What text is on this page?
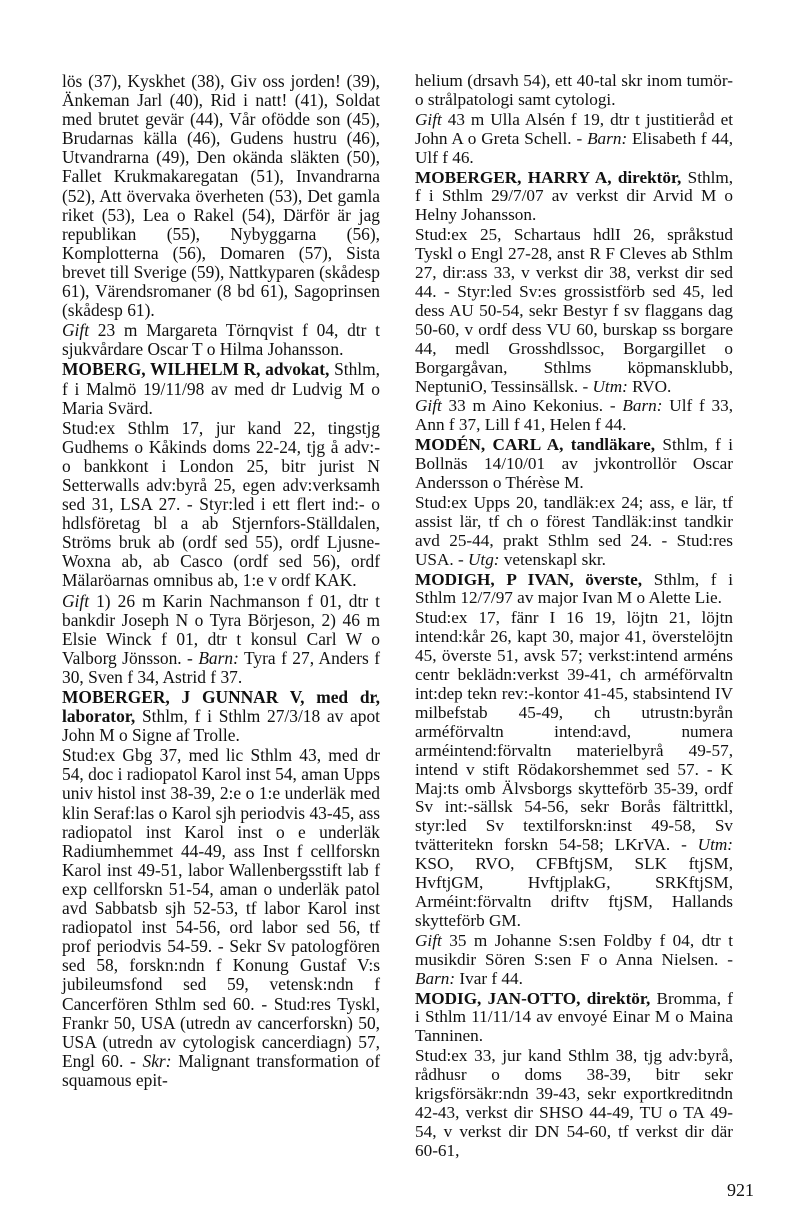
lös (37), Kyskhet (38), Giv oss jorden! (39), Änkeman Jarl (40), Rid i natt! (41), Soldat med brutet gevär (44), Vår ofödde son (45), Brudarnas källa (46), Gudens hustru (46), Utvandrarna (49), Den okända släkten (50), Fallet Krukmakaregatan (51), Invandrarna (52), Att övervaka överheten (53), Det gamla riket (53), Lea o Rakel (54), Därför är jag republikan (55), Nybyggarna (56), Komplotterna (56), Domaren (57), Sista brevet till Sverige (59), Nattkyparen (skådesp 61), Värendsromaner (8 bd 61), Sagoprinsen (skådesp 61).

Gift 23 m Margareta Törnqvist f 04, dtr t sjukvårdare Oscar T o Hilma Johansson.

MOBERG, WILHELM R, advokat, Sthlm, f i Malmö 19/11/98 av med dr Ludvig M o Maria Svärd.

Stud:ex Sthlm 17, jur kand 22, tingstjg Gudhems o Kåkinds doms 22-24, tjg å adv:- o bankkont i London 25, bitr jurist N Setterwalls adv:byrå 25, egen adv:verksamh sed 31, LSA 27. - Styr:led i ett flert ind:- o hdlsföretag bl a ab Stjernfors-Ställdalen, Ströms bruk ab (ordf sed 55), ordf Ljusne-Woxna ab, ab Casco (ordf sed 56), ordf Mälaröarnas omnibus ab, 1:e v ordf KAK.

Gift 1) 26 m Karin Nachmanson f 01, dtr t bankdir Joseph N o Tyra Börjeson, 2) 46 m Elsie Winck f 01, dtr t konsul Carl W o Valborg Jönsson. - Barn: Tyra f 27, Anders f 30, Sven f 34, Astrid f 37.

MOBERGER, J GUNNAR V, med dr, laborator, Sthlm, f i Sthlm 27/3/18 av apot John M o Signe af Trolle.

Stud:ex Gbg 37, med lic Sthlm 43, med dr 54, doc i radiopatol Karol inst 54, aman Upps univ histol inst 38-39, 2:e o 1:e underläk med klin Seraf:las o Karol sjh periodvis 43-45, ass radiopatol inst Karol inst o e underläk Radiumhemmet 44-49, ass Inst f cellforskn Karol inst 49-51, labor Wallenbergsstift lab f exp cellforskn 51-54, aman o underläk patol avd Sabbatsb sjh 52-53, tf labor Karol inst radiopatol inst 54-56, ord labor sed 56, tf prof periodvis 54-59. - Sekr Sv patologfören sed 58, forskn:ndn f Konung Gustaf V:s jubileumsfond sed 59, vetensk:ndn f Cancerfören Sthlm sed 60. - Stud:res Tyskl, Frankr 50, USA (utredn av cancerforskn) 50, USA (utredn av cytologisk cancerdiagn) 57, Engl 60. - Skr: Malignant transformation of squamous epit-

helium (drsavh 54), ett 40-tal skr inom tumör- o strålpatologi samt cytologi.

Gift 43 m Ulla Alsén f 19, dtr t justitieråd et John A o Greta Schell. - Barn: Elisabeth f 44, Ulf f 46.

MOBERGER, HARRY A, direktör, Sthlm, f i Sthlm 29/7/07 av verkst dir Arvid M o Helny Johansson.

Stud:ex 25, Schartaus hdlI 26, språkstud Tyskl o Engl 27-28, anst R F Cleves ab Sthlm 27, dir:ass 33, v verkst dir 38, verkst dir sed 44. - Styr:led Sv:es grossistförb sed 45, led dess AU 50-54, sekr Bestyr f sv flaggans dag 50-60, v ordf dess VU 60, burskap ss borgare 44, medl Grosshdlssoc, Borgargillet o Borgargåvan, Sthlms köpmansklubb, NeptuniO, Tessinsällsk. - Utm: RVO.

Gift 33 m Aino Kekonius. - Barn: Ulf f 33, Ann f 37, Lill f 41, Helen f 44.

MODÉN, CARL A, tandläkare, Sthlm, f i Bollnäs 14/10/01 av jvkontrollör Oscar Andersson o Thérèse M.

Stud:ex Upps 20, tandläk:ex 24; ass, e lär, tf assist lär, tf ch o förest Tandläk:inst tandkir avd 25-44, prakt Sthlm sed 24. - Stud:res USA. - Utg: vetenskapl skr.

MODIGH, P IVAN, överste, Sthlm, f i Sthlm 12/7/97 av major Ivan M o Alette Lie.

Stud:ex 17, fänr I 16 19, löjtn 21, löjtn intend:kår 26, kapt 30, major 41, överstelöjtn 45, överste 51, avsk 57; verkst:intend arméns centr beklädn:verkst 39-41, ch arméförvaltn int:dep tekn rev:-kontor 41-45, stabsintend IV milbefstab 45-49, ch utrustn:byrån arméförvaltn intend:avd, numera arméintend:förvaltn materielbyrå 49-57, intend v stift Rödakorshemmet sed 57. - K Maj:ts omb Älvsborgs skytteförb 35-39, ordf Sv int:-sällsk 54-56, sekr Borås fältrittkl, styr:led Sv textilforskn:inst 49-58, Sv tvätteritekn forskn 54-58; LKrVA. - Utm: KSO, RVO, CFBftjSM, SLK ftjSM, HvftjGM, HvftjplakG, SRKftjSM, Arméint:förvaltn driftv ftjSM, Hallands skytteförb GM.

Gift 35 m Johanne S:sen Foldby f 04, dtr t musikdir Sören S:sen F o Anna Nielsen. - Barn: Ivar f 44.

MODIG, JAN-OTTO, direktör, Bromma, f i Sthlm 11/11/14 av envoyé Einar M o Maina Tanninen.

Stud:ex 33, jur kand Sthlm 38, tjg adv:byrå, rådhusr o doms 38-39, bitr sekr krigsförsäkr:ndn 39-43, sekr exportkreditndn 42-43, verkst dir SHSO 44-49, TU o TA 49-54, v verkst dir DN 54-60, tf verkst dir där 60-61,

921
